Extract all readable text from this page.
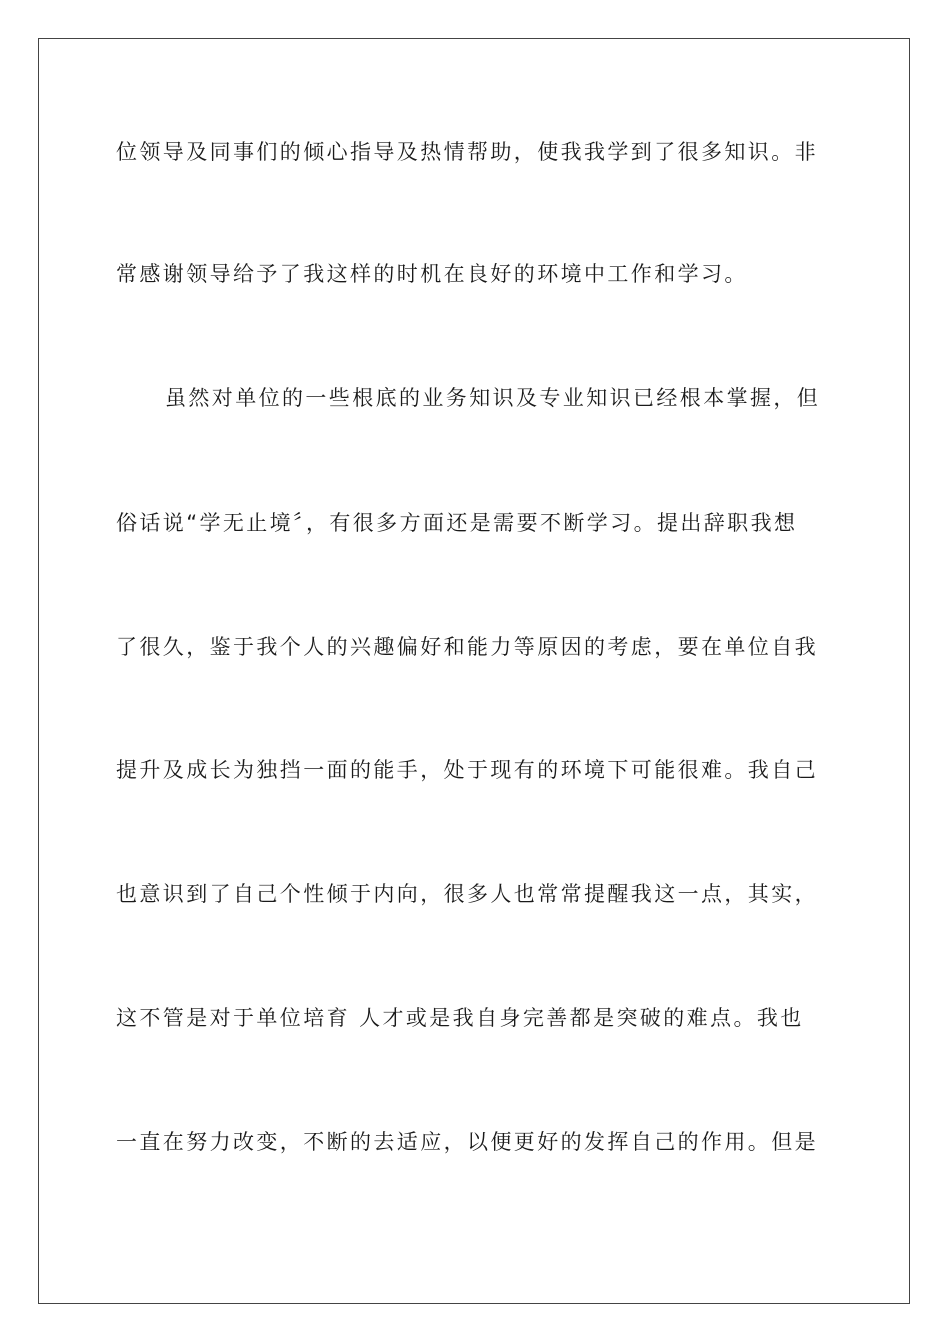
位领导及同事们的倾心指导及热情帮助，使我我学到了很多知识。非
常感谢领导给予了我这样的时机在良好的环境中工作和学习。
虽然对单位的一些根底的业务知识及专业知识已经根本掌握，但
俗话说“学无止境〞，有很多方面还是需要不断学习。提出辞职我想
了很久，鉴于我个人的兴趣偏好和能力等原因的考虑，要在单位自我
提升及成长为独挡一面的能手，处于现有的环境下可能很难。我自己
也意识到了自己个性倾于内向，很多人也常常提醒我这一点，其实，
这不管是对于单位培育 人才或是我自身完善都是突破的难点。我也
一直在努力改变，不断的去适应，以便更好的发挥自己的作用。但是
